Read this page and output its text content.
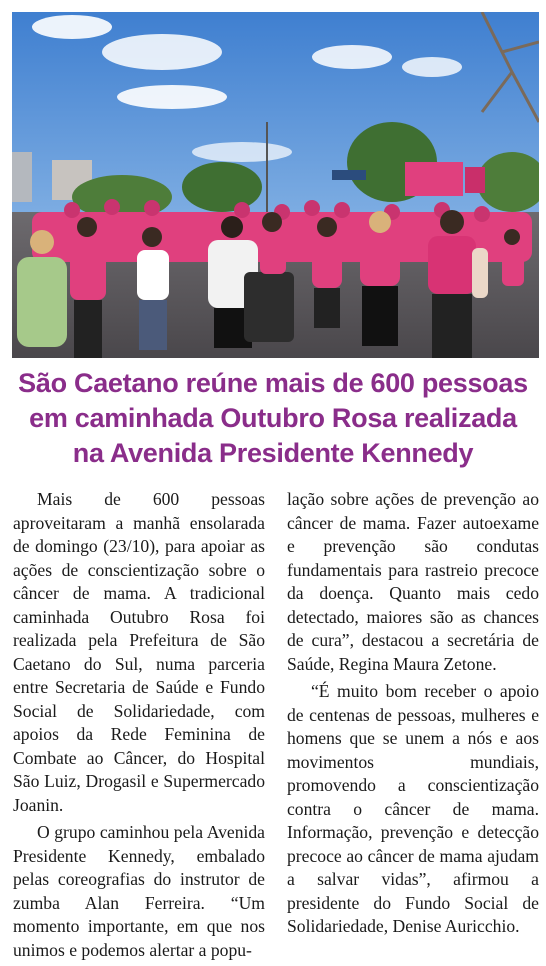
São Caetano reúne mais de 600 pessoas
em caminhada Outubro Rosa realizada
na Avenida Presidente Kennedy

Mais de 600 pessoas aproveitaram a manhã ensolarada de domingo (23/10), para apoiar as ações de conscientização sobre o câncer de mama. A tradicional caminhada Outubro Rosa foi realizada pela Prefeitura de São Caetano do Sul, numa parceria entre Secretaria de Saúde e Fundo Social de Solidariedade, com apoios da Rede Feminina de Combate ao Câncer, do Hospital São Luiz, Drogasil e Supermercado Joanin.

O grupo caminhou pela Avenida Presidente Kennedy, embalado pelas coreografias do instrutor de zumba Alan Ferreira. “Um momento importante, em que nos unimos e podemos alertar a popu-

lação sobre ações de prevenção ao câncer de mama. Fazer autoexame e prevenção são condutas fundamentais para rastreio precoce da doença. Quanto mais cedo detectado, maiores são as chances de cura”, destacou a secretária de Saúde, Regina Maura Zetone.

“É muito bom receber o apoio de centenas de pessoas, mulheres e homens que se unem a nós e aos movimentos mundiais, promovendo a conscientização contra o câncer de mama. Informação, prevenção e detecção precoce ao câncer de mama ajudam a salvar vidas”, afirmou a presidente do Fundo Social de Solidariedade, Denise Auricchio.
